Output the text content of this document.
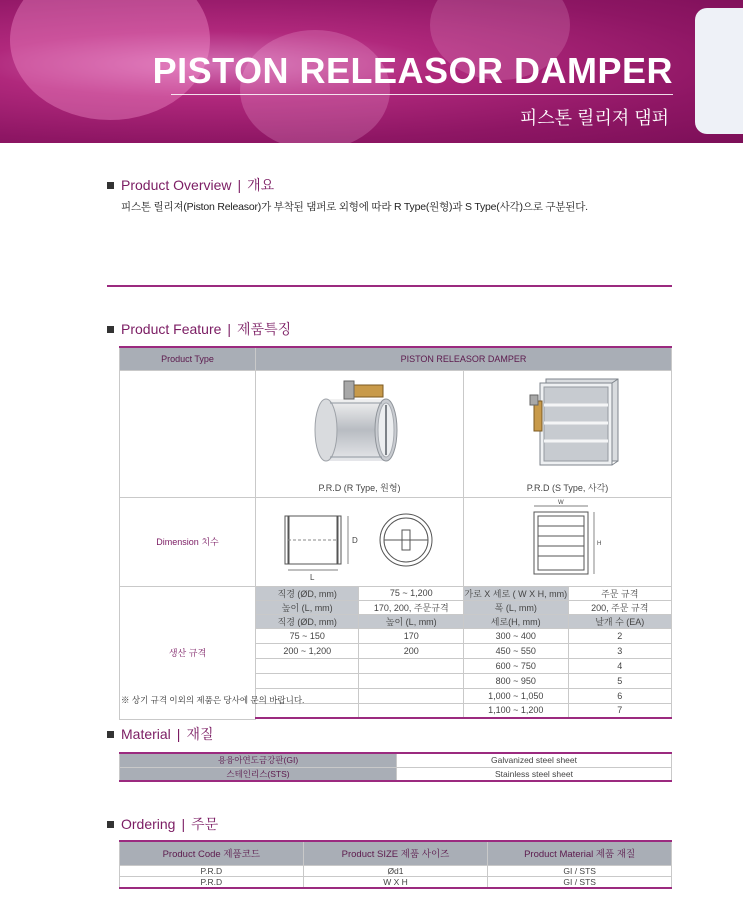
PISTON RELEASOR DAMPER
피스톤 릴리져 댐퍼
Product Overview | 개요
피스톤 릴리져(Piston Releasor)가 부착된 댐퍼로 외형에 따라 R Type(원형)과 S Type(사각)으로 구분된다.
Product Feature | 제품특징
Product Type	PISTON RELEASOR DAMPER			

	P.R.D (R Type, 원형)		P.R.D (S Type, 사각)	

Dimension 치수	D
L		W
H	

생산 규격	직경 (ØD, mm)	75 ~ 1,200	가로 X 세로 ( W X H, mm)	주문 규격
	높이 (L, mm)	170, 200, 주문규격	폭 (L, mm)	200, 주문 규격
	직경 (ØD, mm)	높이 (L, mm)	세로(H, mm)	날개 수 (EA)
	75 ~ 150	170	300 ~ 400	2
	200 ~ 1,200	200	450 ~ 550	3
			600 ~ 750	4
			800 ~ 950	5
			1,000 ~ 1,050	6
			1,100 ~ 1,200	7

※ 상기 규격 이외의 제품은 당사에 문의 바랍니다.
Material | 재질
용융아연도금강판(GI)	Galvanized steel sheet
스테인리스(STS)	Stainless steel sheet
Ordering | 주문
Product Code 제품코드	Product SIZE 제품 사이즈	Product Material 제품 재질
P.R.D	Ød1	GI / STS
P.R.D	W X H	GI / STS
